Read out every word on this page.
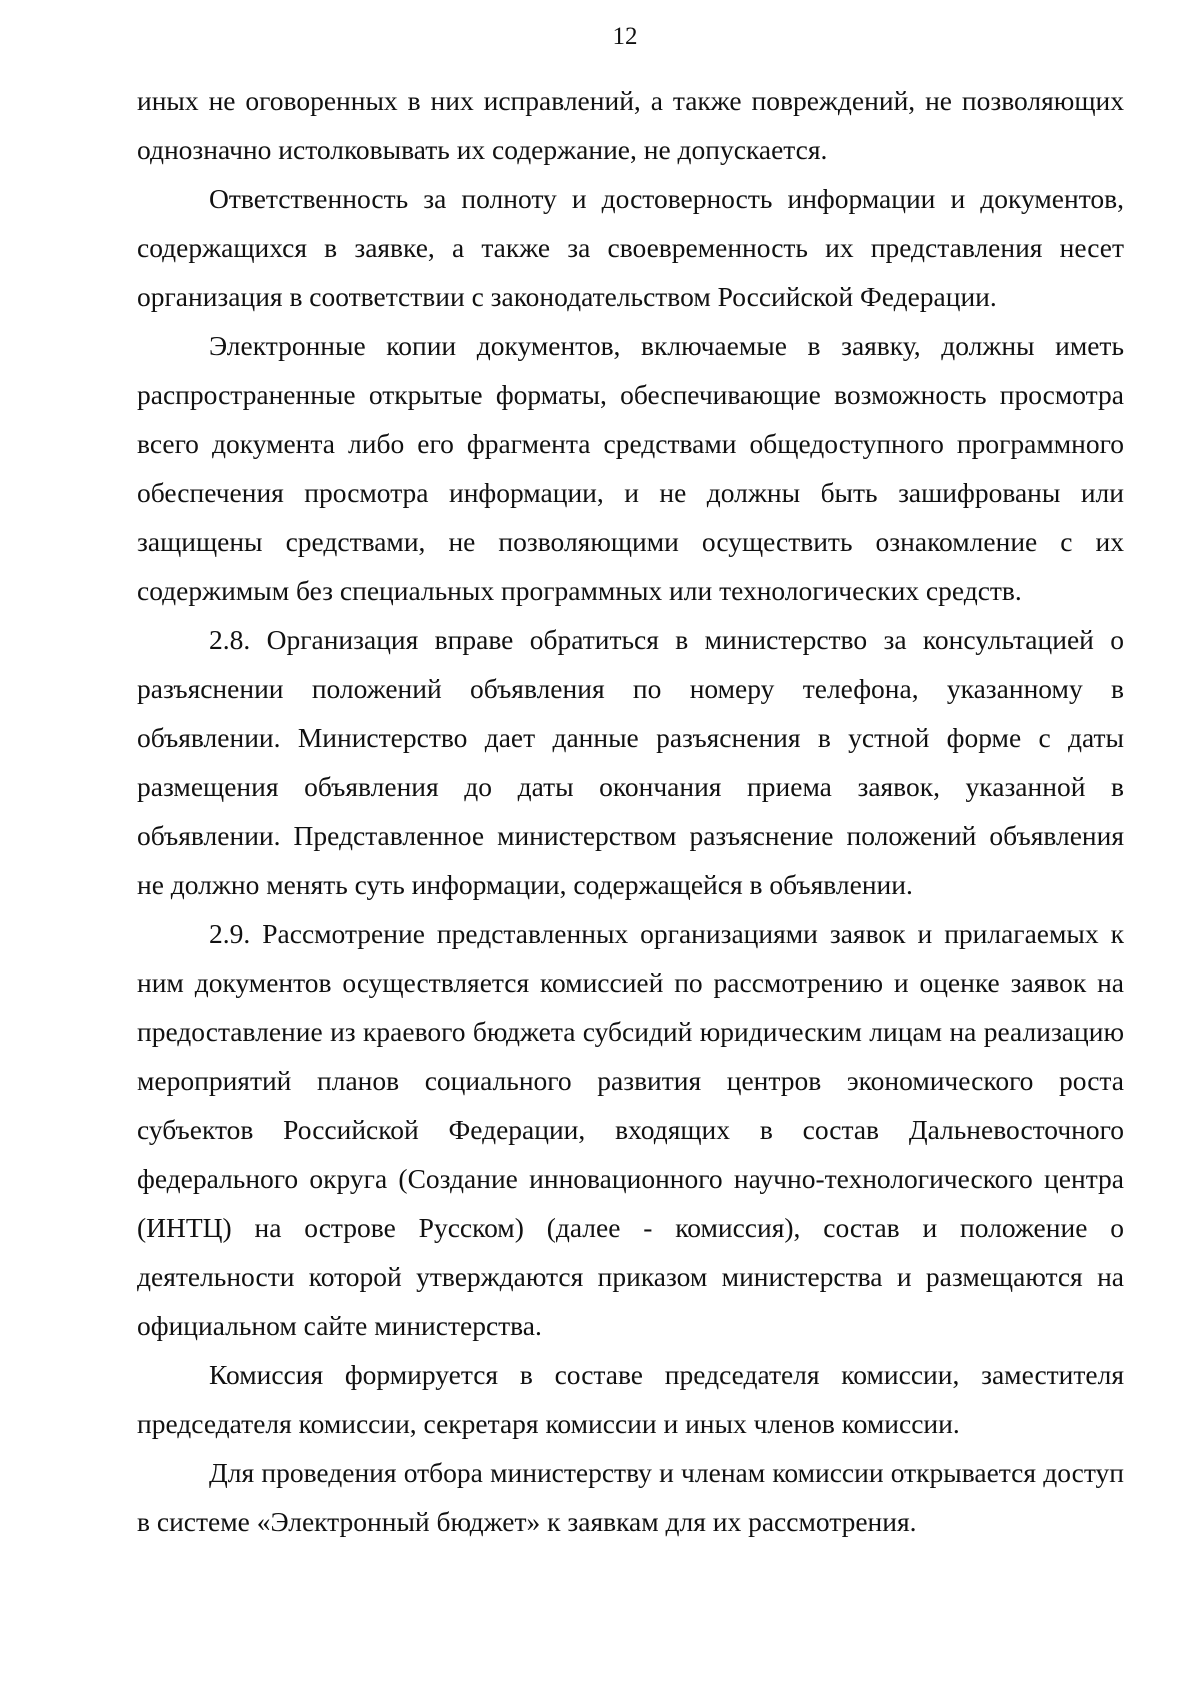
12

иных не оговоренных в них исправлений, а также повреждений, не позволяющих однозначно истолковывать их содержание, не допускается.

Ответственность за полноту и достоверность информации и документов, содержащихся в заявке, а также за своевременность их представления несет организация в соответствии с законодательством Российской Федерации.

Электронные копии документов, включаемые в заявку, должны иметь распространенные открытые форматы, обеспечивающие возможность просмотра всего документа либо его фрагмента средствами общедоступного программного обеспечения просмотра информации, и не должны быть зашифрованы или защищены средствами, не позволяющими осуществить ознакомление с их содержимым без специальных программных или технологических средств.

2.8. Организация вправе обратиться в министерство за консультацией о разъяснении положений объявления по номеру телефона, указанному в объявлении. Министерство дает данные разъяснения в устной форме с даты размещения объявления до даты окончания приема заявок, указанной в объявлении. Представленное министерством разъяснение положений объявления не должно менять суть информации, содержащейся в объявлении.

2.9. Рассмотрение представленных организациями заявок и прилагаемых к ним документов осуществляется комиссией по рассмотрению и оценке заявок на предоставление из краевого бюджета субсидий юридическим лицам на реализацию мероприятий планов социального развития центров экономического роста субъектов Российской Федерации, входящих в состав Дальневосточного федерального округа (Создание инновационного научно-технологического центра (ИНТЦ) на острове Русском) (далее - комиссия), состав и положение о деятельности которой утверждаются приказом министерства и размещаются на официальном сайте министерства.

Комиссия формируется в составе председателя комиссии, заместителя председателя комиссии, секретаря комиссии и иных членов комиссии.

Для проведения отбора министерству и членам комиссии открывается доступ в системе «Электронный бюджет» к заявкам для их рассмотрения.
